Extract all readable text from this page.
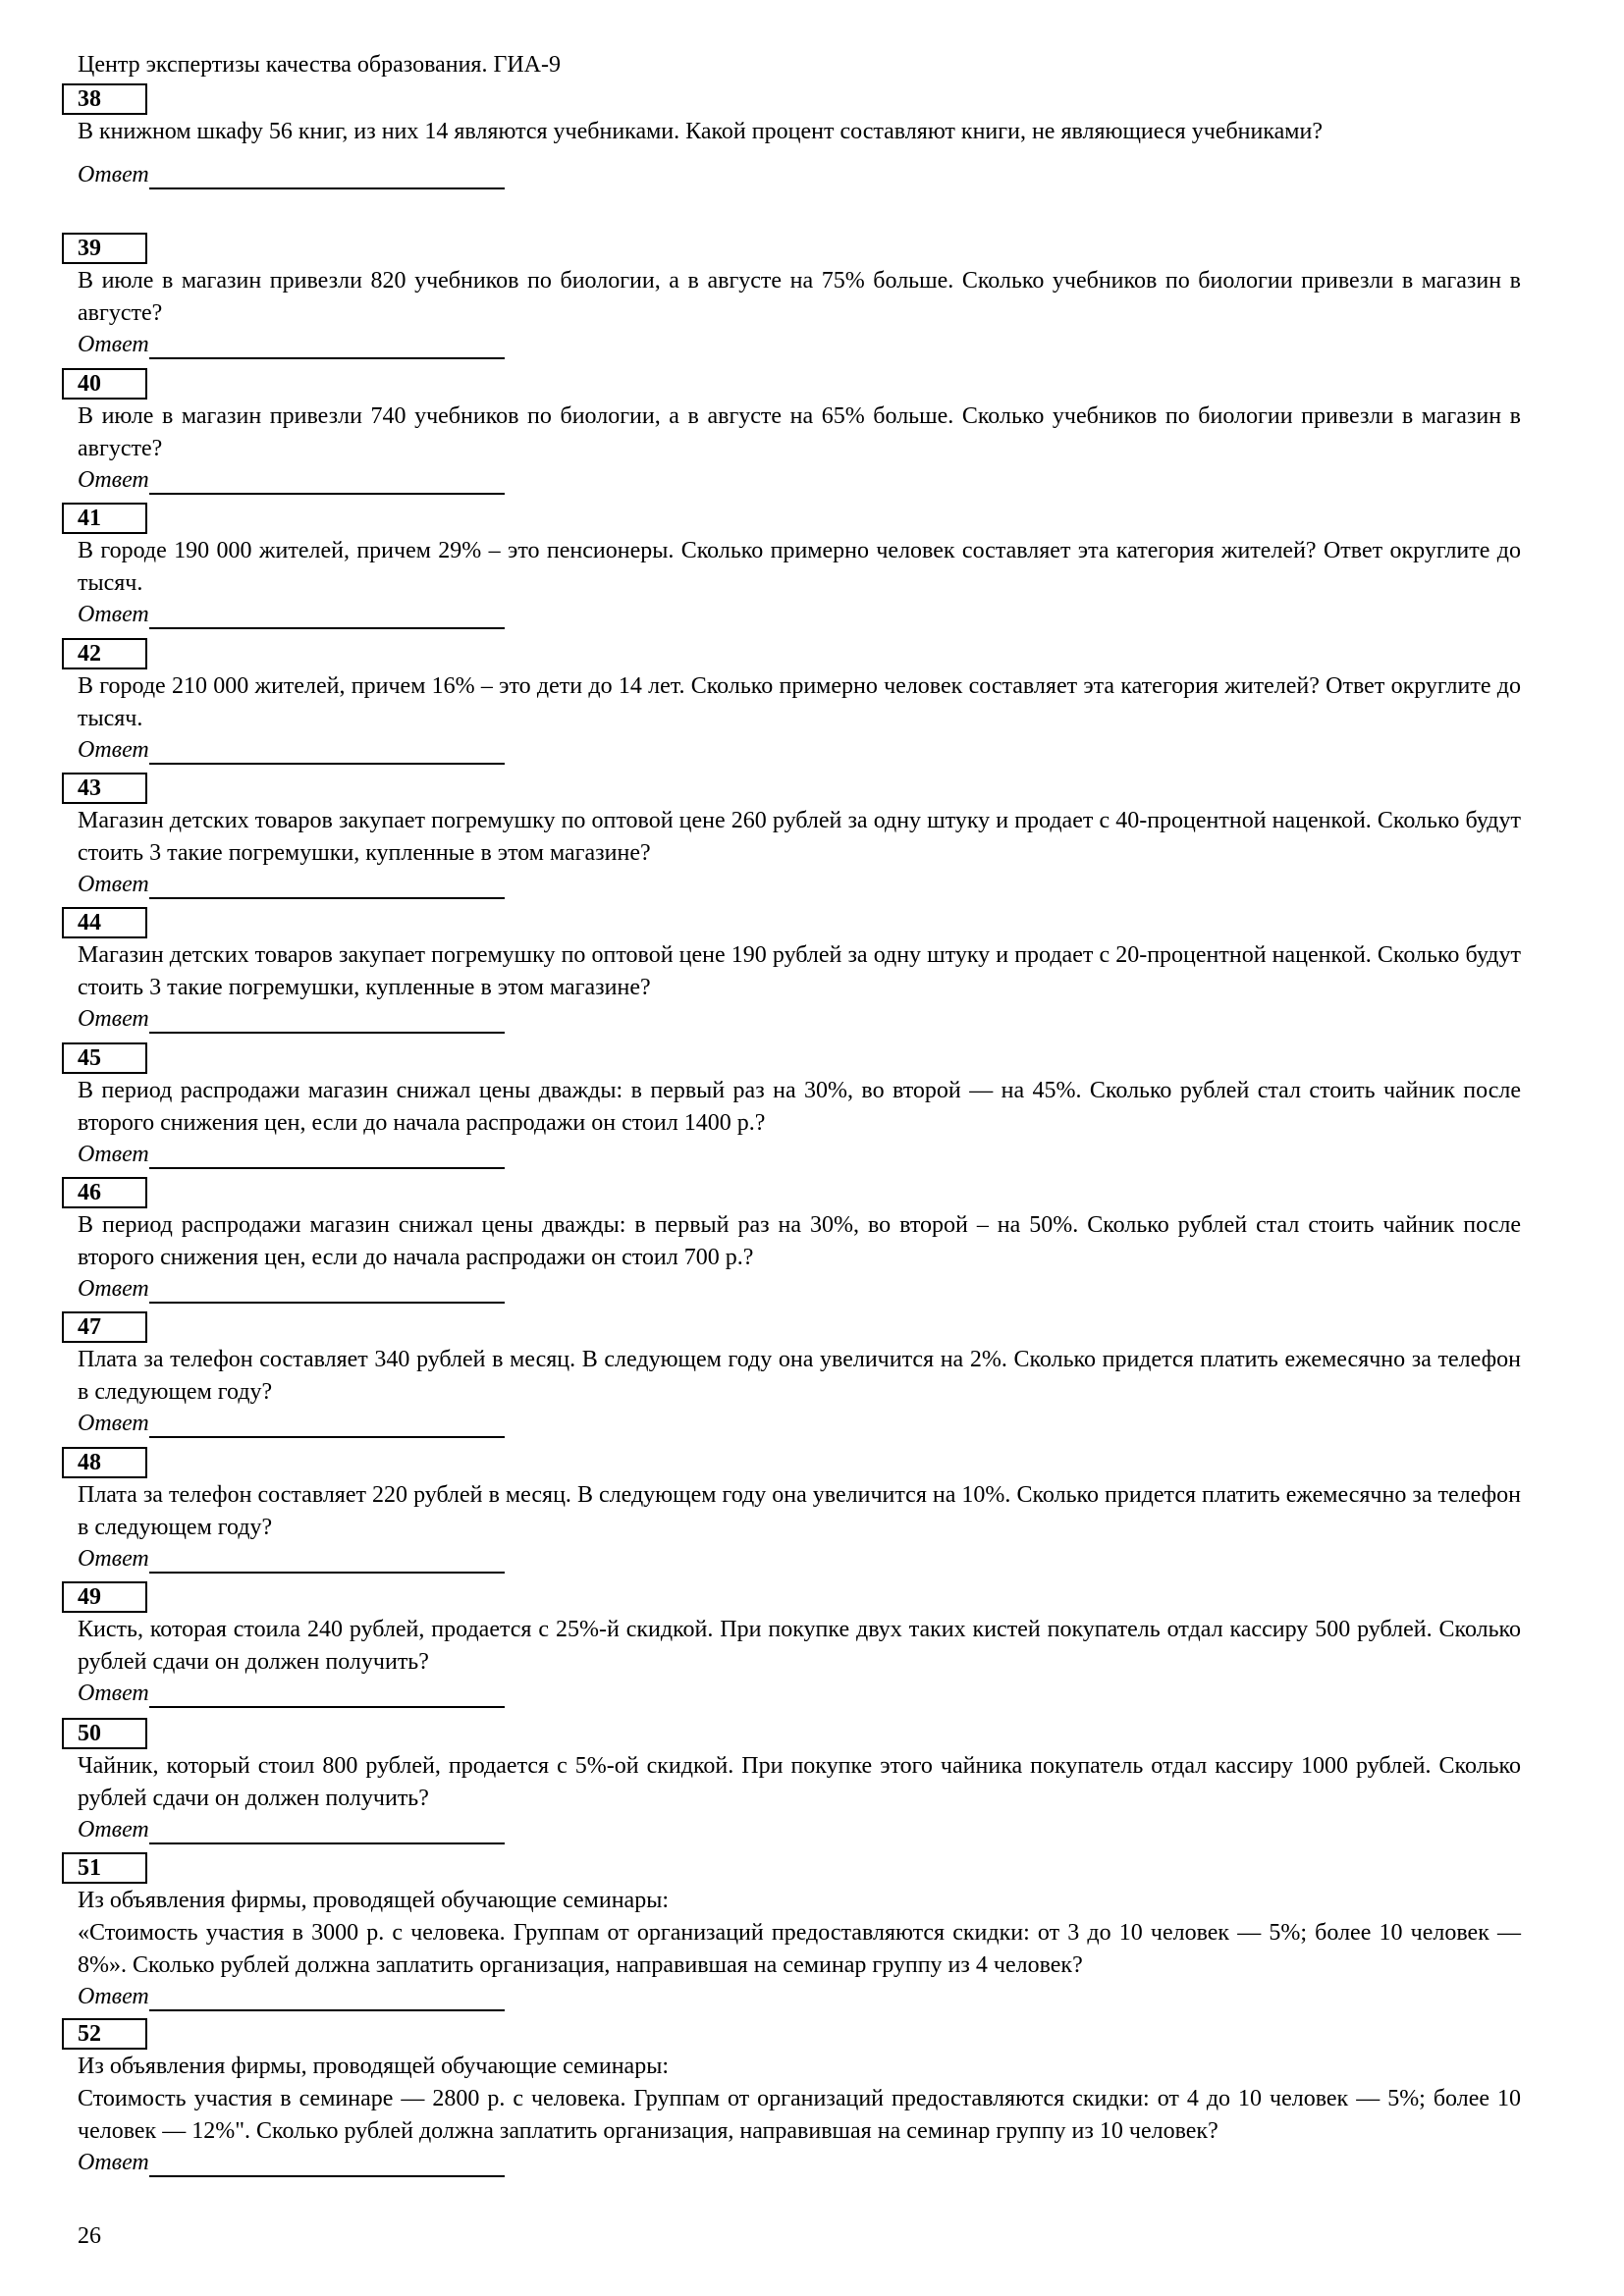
Центр экспертизы качества образования. ГИА-9
38

В книжном шкафу 56 книг, из них 14 являются учебниками. Какой процент составляют книги, не являющиеся учебниками?

Ответ
39

В июле в магазин привезли 820 учебников по биологии, а в августе на 75% больше. Сколько учебников по биологии привезли в магазин в августе?

Ответ
40

В июле в магазин привезли 740 учебников по биологии, а в августе на 65% больше. Сколько учебников по биологии привезли в магазин в августе?

Ответ
41

В городе 190 000 жителей, причем 29% – это пенсионеры. Сколько примерно человек составляет эта категория жителей? Ответ округлите до тысяч.

Ответ
42

В городе 210 000 жителей, причем 16% – это дети до 14 лет. Сколько примерно человек составляет эта категория жителей? Ответ округлите до тысяч.

Ответ
43

Магазин детских товаров закупает погремушку по оптовой цене 260 рублей за одну штуку и продает с 40-процентной наценкой. Сколько будут стоить 3 такие погремушки, купленные в этом магазине?

Ответ
44

Магазин детских товаров закупает погремушку по оптовой цене 190 рублей за одну штуку и продает с 20-процентной наценкой. Сколько будут стоить 3 такие погремушки, купленные в этом магазине?

Ответ
45

В период распродажи магазин снижал цены дважды: в первый раз на 30%, во второй — на 45%. Сколько рублей стал стоить чайник после второго снижения цен, если до начала распродажи он стоил 1400 р.?

Ответ
46

В период распродажи магазин снижал цены дважды: в первый раз на 30%, во второй – на 50%. Сколько рублей стал стоить чайник после второго снижения цен, если до начала распродажи он стоил 700 р.?

Ответ
47

Плата за телефон составляет 340 рублей в месяц. В следующем году она увеличится на 2%. Сколько придется платить ежемесячно за телефон в следующем году?

Ответ
48

Плата за телефон составляет 220 рублей в месяц. В следующем году она увеличится на 10%. Сколько придется платить ежемесячно за телефон в следующем году?

Ответ
49

Кисть, которая стоила 240 рублей, продается с 25%-й скидкой. При покупке двух таких кистей покупатель отдал кассиру 500 рублей. Сколько рублей сдачи он должен получить?

Ответ
50

Чайник, который стоил 800 рублей, продается с 5%-ой скидкой. При покупке этого чайника покупатель отдал кассиру 1000 рублей. Сколько рублей сдачи он должен получить?

Ответ
51

Из объявления фирмы, проводящей обучающие семинары:

«Стоимость участия в 3000 р. с человека. Группам от организаций предоставляются скидки: от 3 до 10 человек — 5%; более 10 человек — 8%». Сколько рублей должна заплатить организация, направившая на семинар группу из 4 человек?

Ответ
52

Из объявления фирмы, проводящей обучающие семинары:

Стоимость участия в семинаре — 2800 р. с человека. Группам от организаций предоставляются скидки: от 4 до 10 человек — 5%; более 10 человек — 12%". Сколько рублей должна заплатить организация, направившая на семинар группу из 10 человек?

Ответ
26
